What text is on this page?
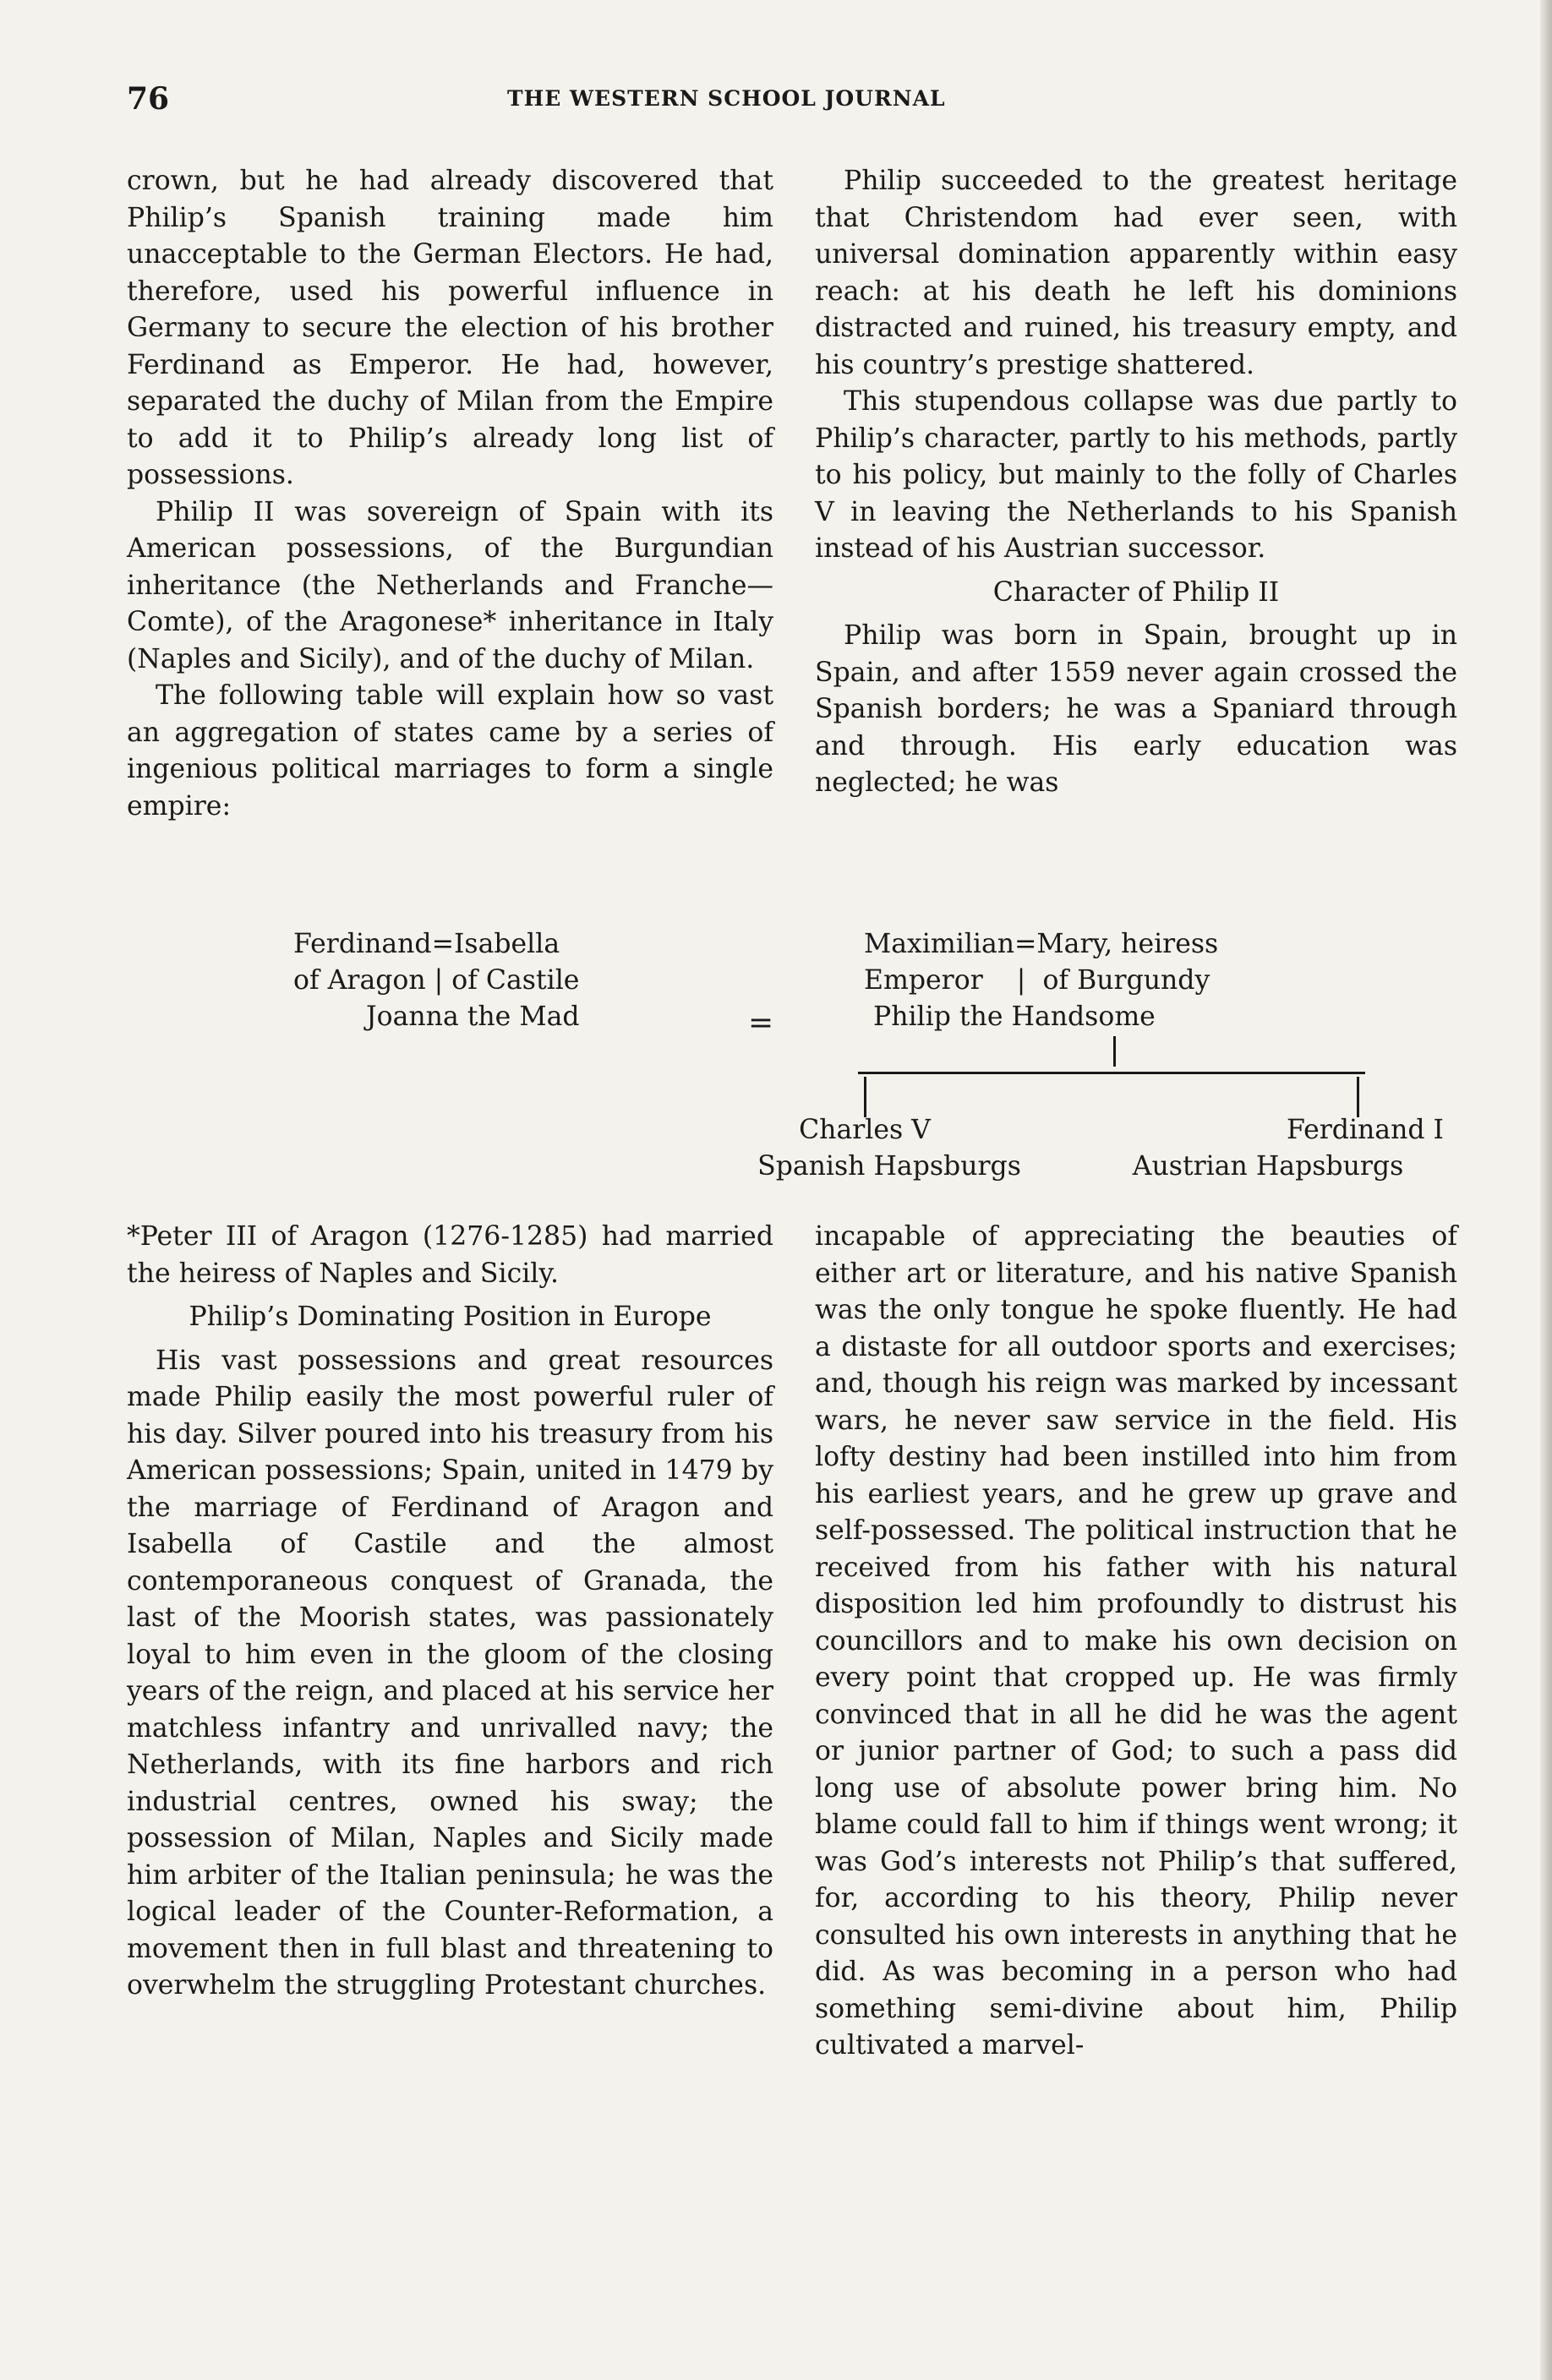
76	THE WESTERN SCHOOL JOURNAL

crown, but he had already discovered that Philip’s Spanish training made him unacceptable to the German Electors. He had, therefore, used his powerful influence in Germany to secure the election of his brother Ferdinand as Emperor. He had, however, separated the duchy of Milan from the Empire to add it to Philip’s already long list of possessions.

Philip II was sovereign of Spain with its American possessions, of the Burgundian inheritance (the Netherlands and Franche—Comte), of the Aragonese* inheritance in Italy (Naples and Sicily), and of the duchy of Milan.

The following table will explain how so vast an aggregation of states came by a series of ingenious political marriages to form a single empire:

Philip succeeded to the greatest heritage that Christendom had ever seen, with universal domination apparently within easy reach: at his death he left his dominions distracted and ruined, his treasury empty, and his country’s prestige shattered.

This stupendous collapse was due partly to Philip’s character, partly to his methods, partly to his policy, but mainly to the folly of Charles V in leaving the Netherlands to his Spanish instead of his Austrian successor.

Character of Philip II

Philip was born in Spain, brought up in Spain, and after 1559 never again crossed the Spanish borders; he was a Spaniard through and through. His early education was neglected; he was

Ferdinand=Isabella
of Aragon | of Castile
Joanna the Mad	=
Maximilian=Mary, heiress
Emperor    |  of Burgundy
Philip the Handsome
Charles V
Spanish Hapsburgs
Ferdinand I
Austrian Hapsburgs

*Peter III of Aragon (1276-1285) had married the heiress of Naples and Sicily.

Philip’s Dominating Position in Europe

His vast possessions and great resources made Philip easily the most powerful ruler of his day. Silver poured into his treasury from his American possessions; Spain, united in 1479 by the marriage of Ferdinand of Aragon and Isabella of Castile and the almost contemporaneous conquest of Granada, the last of the Moorish states, was passionately loyal to him even in the gloom of the closing years of the reign, and placed at his service her matchless infantry and unrivalled navy; the Netherlands, with its fine harbors and rich industrial centres, owned his sway; the possession of Milan, Naples and Sicily made him arbiter of the Italian peninsula; he was the logical leader of the Counter-Reformation, a movement then in full blast and threatening to overwhelm the struggling Protestant churches.

incapable of appreciating the beauties of either art or literature, and his native Spanish was the only tongue he spoke fluently. He had a distaste for all outdoor sports and exercises; and, though his reign was marked by incessant wars, he never saw service in the field. His lofty destiny had been instilled into him from his earliest years, and he grew up grave and self-possessed. The political instruction that he received from his father with his natural disposition led him profoundly to distrust his councillors and to make his own decision on every point that cropped up. He was firmly convinced that in all he did he was the agent or junior partner of God; to such a pass did long use of absolute power bring him. No blame could fall to him if things went wrong; it was God’s interests not Philip’s that suffered, for, according to his theory, Philip never consulted his own interests in anything that he did. As was becoming in a person who had something semi-divine about him, Philip cultivated a marvel-
